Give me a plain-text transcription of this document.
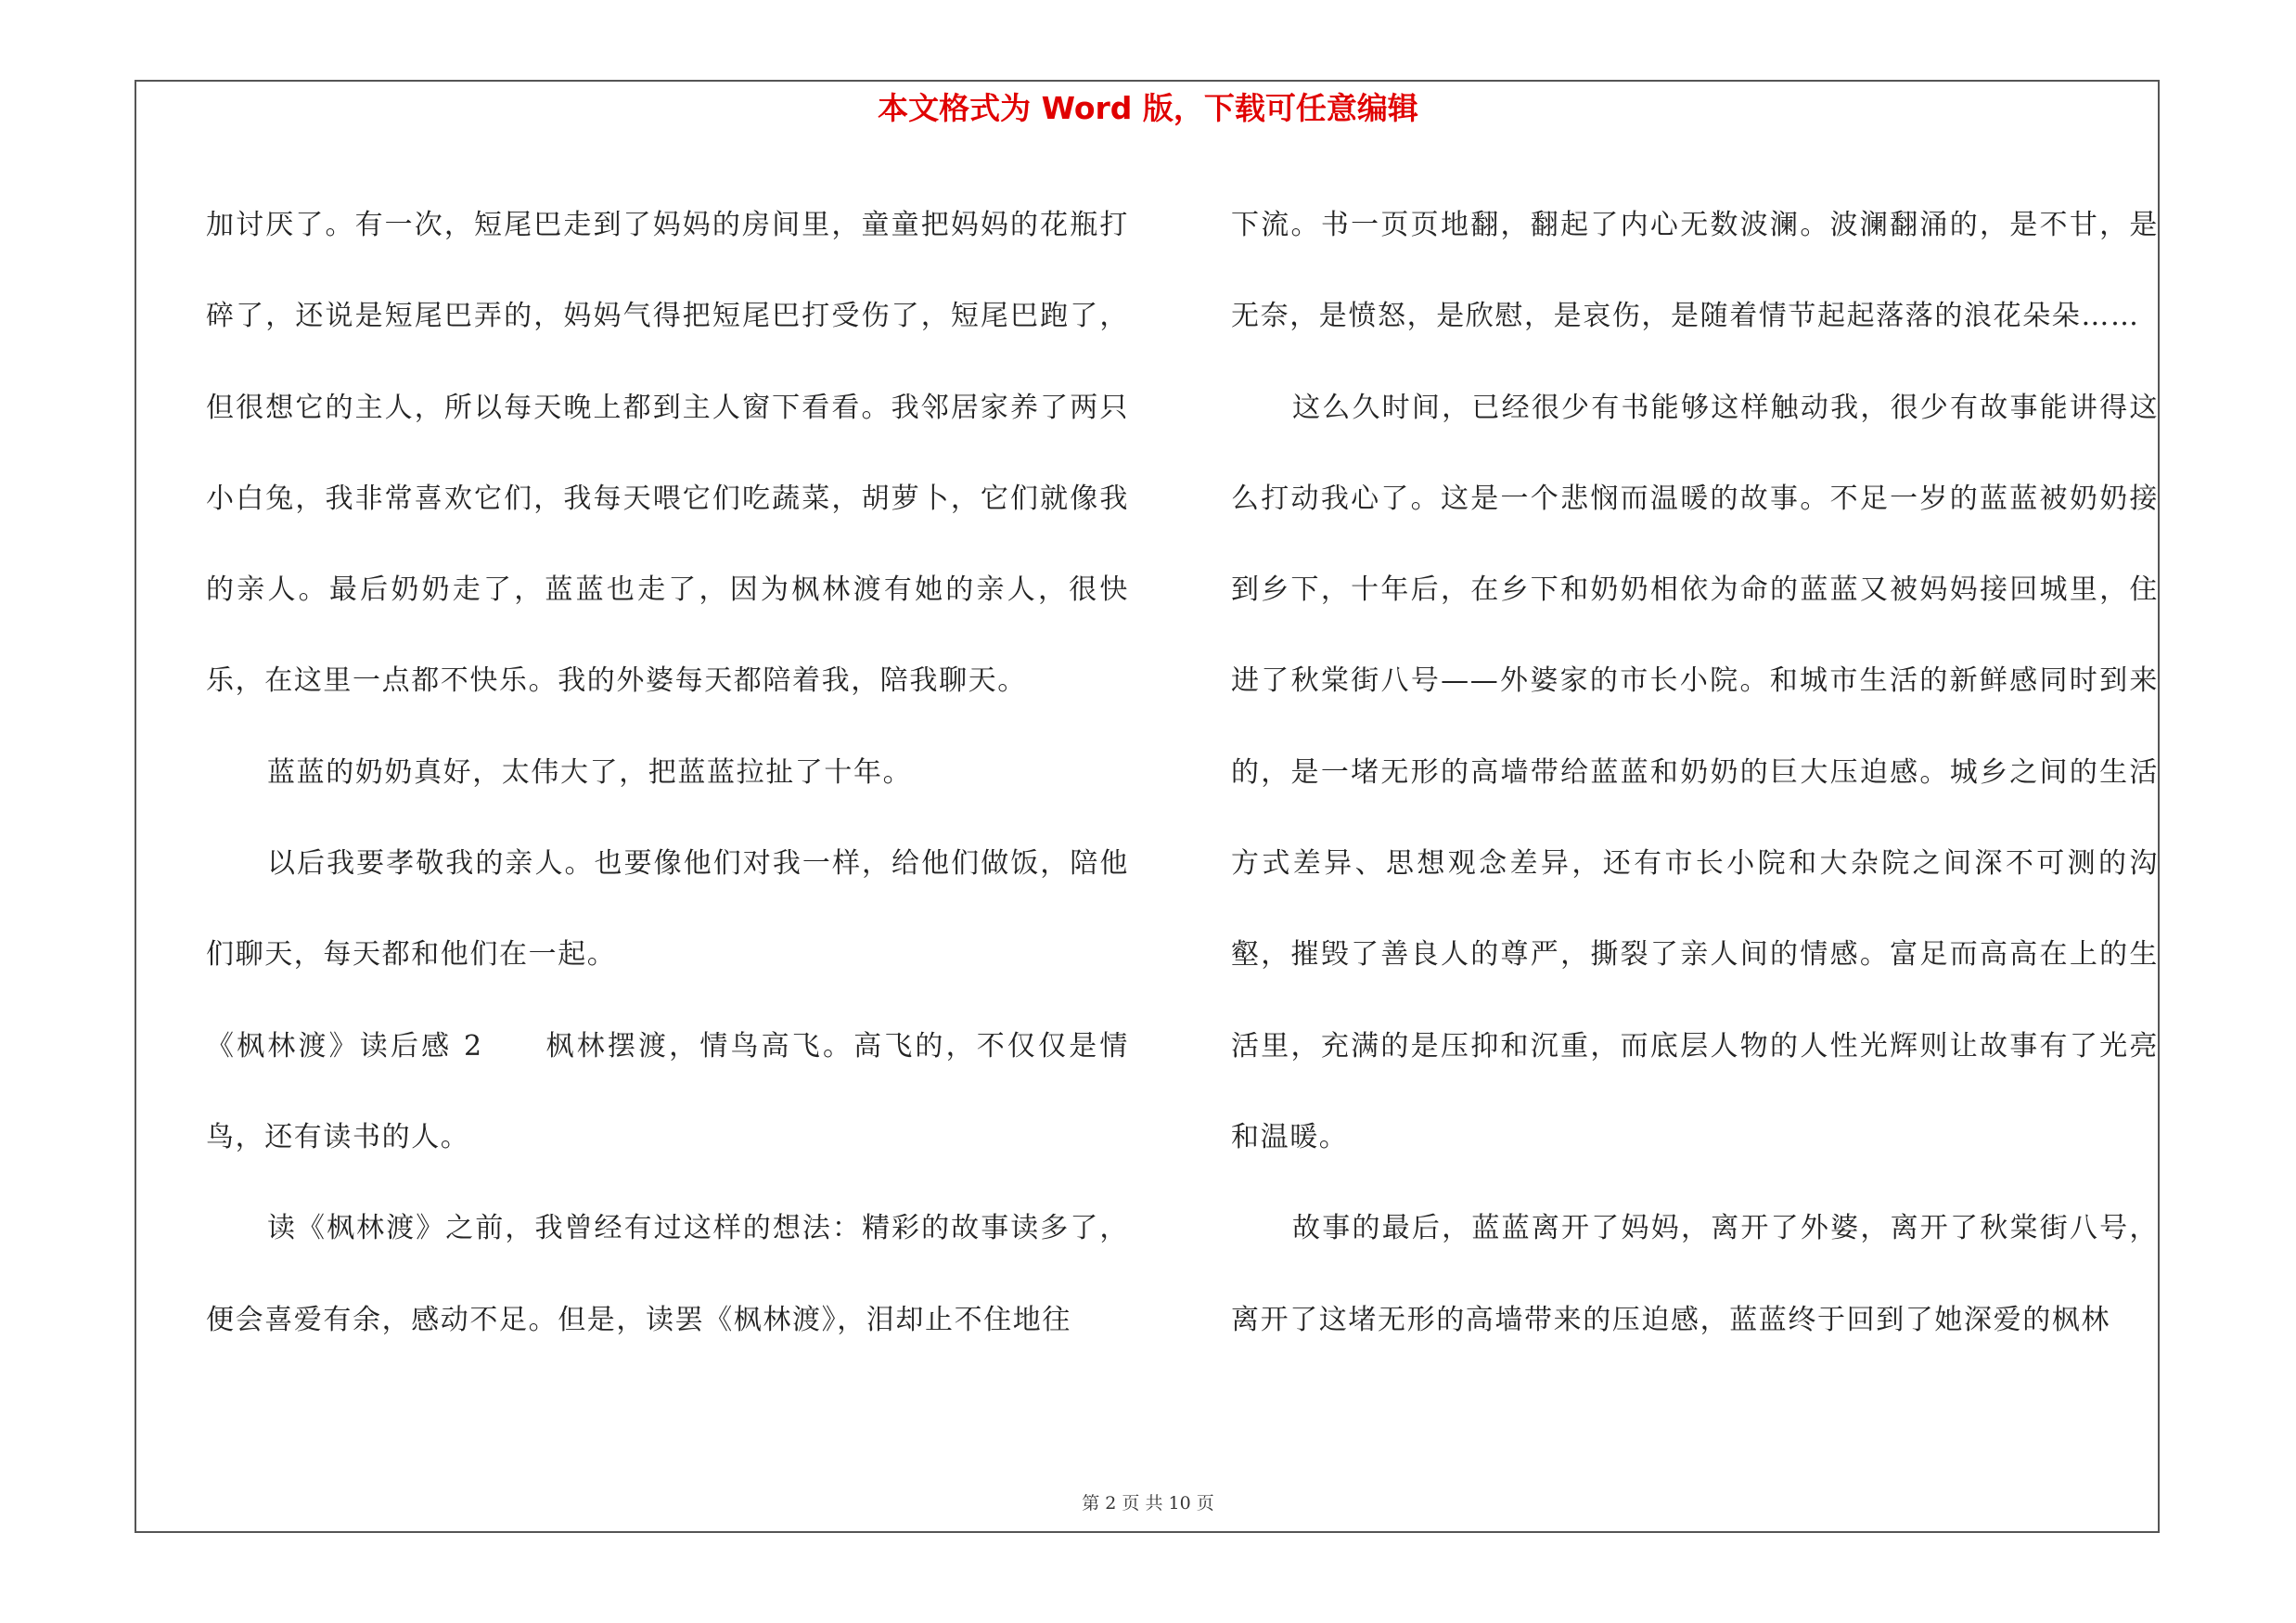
本文格式为 Word 版，下载可任意编辑

加讨厌了。有一次，短尾巴走到了妈妈的房间里，童童把妈妈的花瓶打碎了，还说是短尾巴弄的，妈妈气得把短尾巴打受伤了，短尾巴跑了，但很想它的主人，所以每天晚上都到主人窗下看看。我邻居家养了两只小白兔，我非常喜欢它们，我每天喂它们吃蔬菜，胡萝卜，它们就像我的亲人。最后奶奶走了，蓝蓝也走了，因为枫林渡有她的亲人，很快乐，在这里一点都不快乐。我的外婆每天都陪着我，陪我聊天。

蓝蓝的奶奶真好，太伟大了，把蓝蓝拉扯了十年。

以后我要孝敬我的亲人。也要像他们对我一样，给他们做饭，陪他们聊天，每天都和他们在一起。

《枫林渡》读后感 2　　枫林摆渡，情鸟高飞。高飞的，不仅仅是情鸟，还有读书的人。

读《枫林渡》之前，我曾经有过这样的想法：精彩的故事读多了，便会喜爱有余，感动不足。但是，读罢《枫林渡》，泪却止不住地往

下流。书一页页地翻，翻起了内心无数波澜。波澜翻涌的，是不甘，是无奈，是愤怒，是欣慰，是哀伤，是随着情节起起落落的浪花朵朵……

这么久时间，已经很少有书能够这样触动我，很少有故事能讲得这么打动我心了。这是一个悲悯而温暖的故事。不足一岁的蓝蓝被奶奶接到乡下，十年后，在乡下和奶奶相依为命的蓝蓝又被妈妈接回城里，住进了秋棠街八号——外婆家的市长小院。和城市生活的新鲜感同时到来的，是一堵无形的高墙带给蓝蓝和奶奶的巨大压迫感。城乡之间的生活方式差异、思想观念差异，还有市长小院和大杂院之间深不可测的沟壑，摧毁了善良人的尊严，撕裂了亲人间的情感。富足而高高在上的生活里，充满的是压抑和沉重，而底层人物的人性光辉则让故事有了光亮和温暖。

故事的最后，蓝蓝离开了妈妈，离开了外婆，离开了秋棠街八号，离开了这堵无形的高墙带来的压迫感，蓝蓝终于回到了她深爱的枫林

第 2 页 共 10 页
